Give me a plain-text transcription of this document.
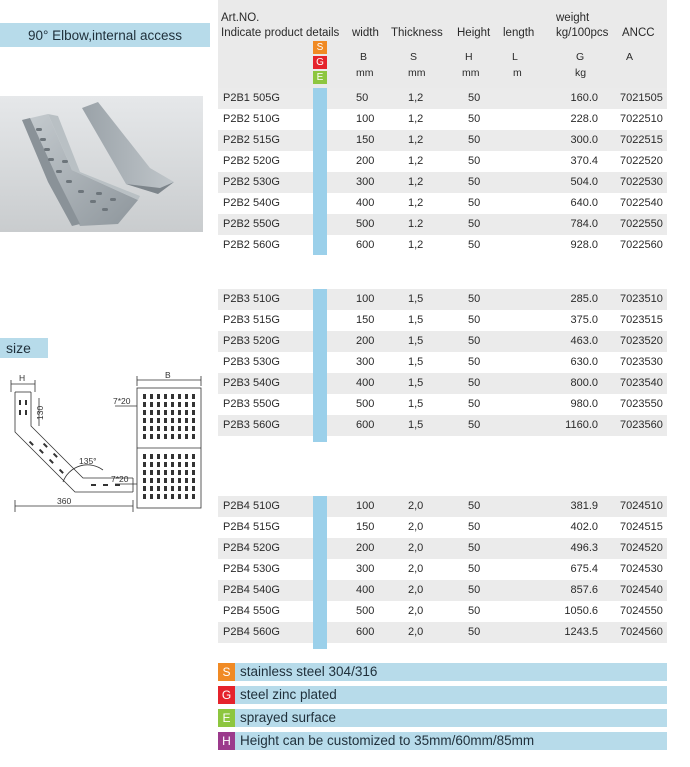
90° Elbow,internal access
size
H	B
130
7*20
7*20
135°
360
Art.NO.
Indicate product details width Thickness Height length
weight
kg/100pcs ANCC
B	S	H	L	G	A
mm	mm	mm	m	kg
S
G
E
P2B1 505G	50	1,2	50	160.0 7021505
P2B2 510G	100	1,2	50	228.0 7022510
P2B2 515G	150	1,2	50	300.0 7022515
P2B2 520G	200	1,2	50	370.4 7022520
P2B2 530G	300	1,2	50	504.0 7022530
P2B2 540G	400	1,2	50	640.0 7022540
P2B2 550G	500	1.2	50	784.0 7022550
P2B2 560G	600	1,2	50	928.0 7022560
P2B3 510G	100	1,5	50	285.0 7023510
P2B3 515G	150	1,5	50	375.0 7023515
P2B3 520G	200	1,5	50	463.0 7023520
P2B3 530G	300	1,5	50	630.0 7023530
P2B3 540G	400	1,5	50	800.0 7023540
P2B3 550G	500	1,5	50	980.0 7023550
P2B3 560G	600	1,5	50	1160.0 7023560
P2B4 510G	100	2,0	50	381.9 7024510
P2B4 515G	150	2,0	50	402.0 7024515
P2B4 520G	200	2,0	50	496.3 7024520
P2B4 530G	300	2,0	50	675.4 7024530
P2B4 540G	400	2,0	50	857.6 7024540
P2B4 550G	500	2,0	50	1050.6 7024550
P2B4 560G	600	2,0	50	1243.5 7024560
S stainless steel 304/316
G steel zinc plated
E sprayed surface
H Height can be customized to 35mm/60mm/85mm
